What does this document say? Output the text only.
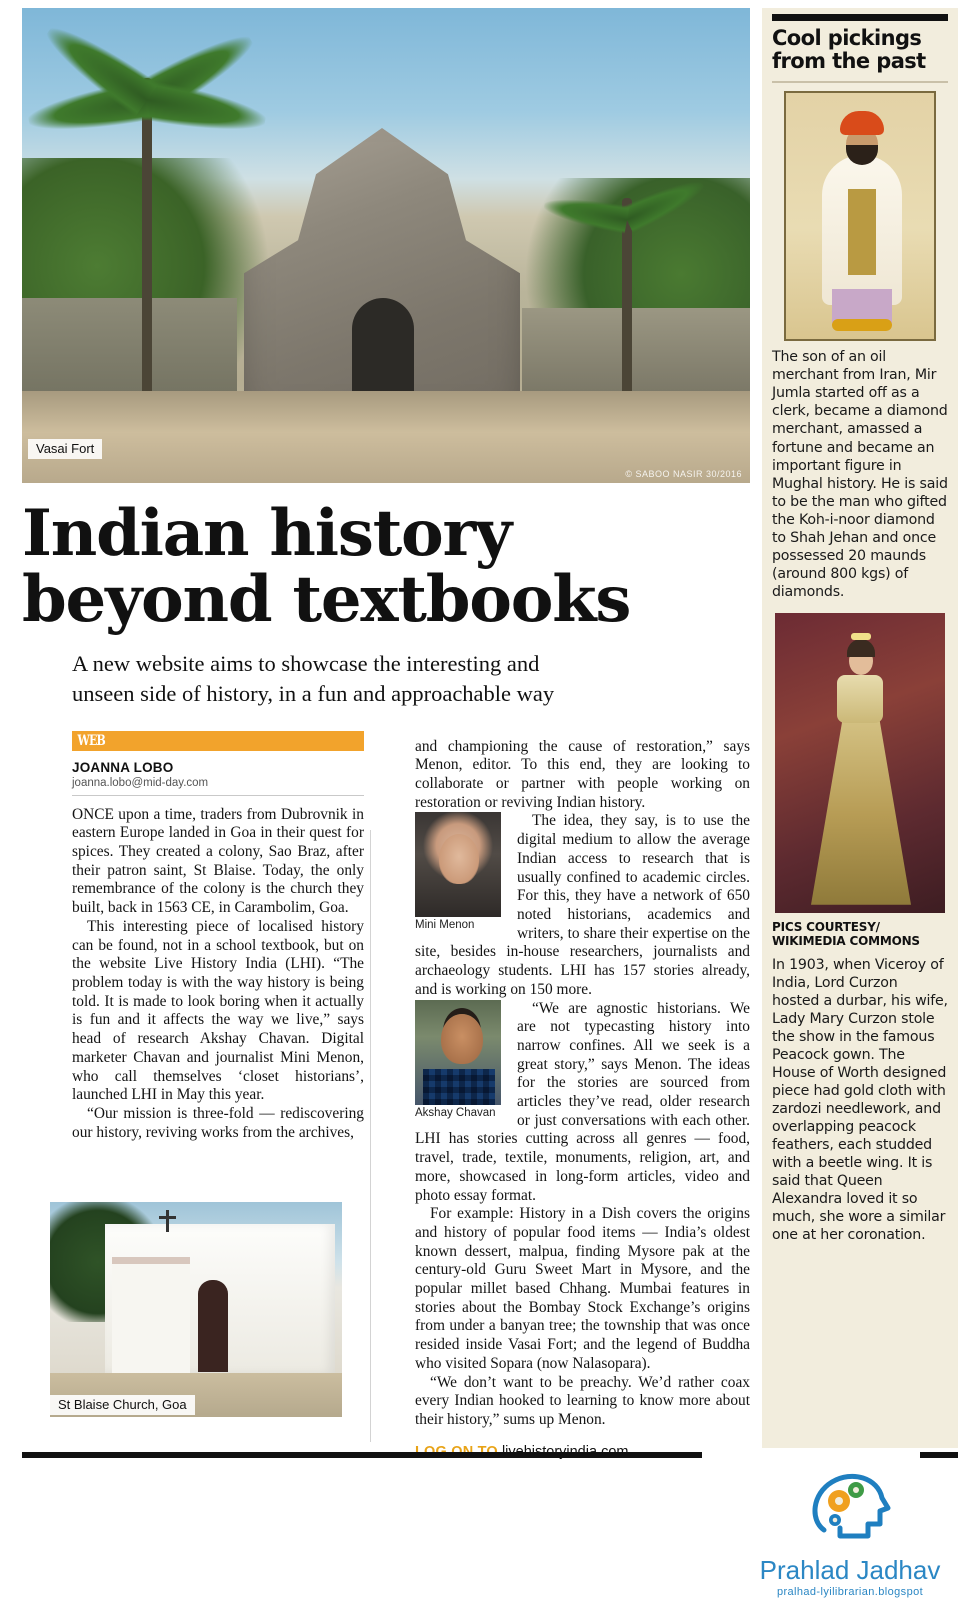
Vasai Fort
© SABOO NASIR 30/2016
Indian history
beyond textbooks
A new website aims to showcase the interesting and
unseen side of history, in a fun and approachable way
WEB
JOANNA LOBO
joanna.lobo@mid-day.com

ONCE upon a time, traders from Dubrovnik in eastern Europe landed in Goa in their quest for spices. They created a colony, Sao Braz, after their patron saint, St Blaise. Today, the only remembrance of the colony is the church they built, back in 1563 CE, in Carambolim, Goa.

This interesting piece of localised history can be found, not in a school textbook, but on the website Live History India (LHI). “The problem today is with the way history is being told. It is made to look boring when it actually is fun and it affects the way we live,” says head of research Akshay Chavan. Digital marketer Chavan and journalist Mini Menon, who call themselves ‘closet historians’, launched LHI in May this year.

“Our mission is three-fold — rediscovering our history, reviving works from the archives,

and championing the cause of restoration,” says Menon, editor. To this end, they are looking to collaborate or partner with people working on restoration or reviving Indian history.

Mini Menon

The idea, they say, is to use the digital medium to allow the average Indian access to research that is usually confined to academic circles. For this, they have a network of 650 noted historians, academics and writers, to share their expertise on the site, besides in-house researchers, journalists and archaeology students. LHI has 157 stories already, and is working on 150 more.

Akshay Chavan

“We are agnostic historians. We are not typecasting history into narrow confines. All we seek is a great story,” says Menon. The ideas for the stories are sourced from articles they’ve read, older research or just conversations with each other. LHI has stories cutting across all genres — food, travel, trade, textile, monuments, religion, art, and more, showcased in long-form articles, video and photo essay format.

For example: History in a Dish covers the origins and history of popular food items — India’s oldest known dessert, malpua, finding Mysore pak at the century-old Guru Sweet Mart in Mysore, and the popular millet based Chhang. Mumbai features in stories about the Bombay Stock Exchange’s origins from under a banyan tree; the township that was once resided inside Vasai Fort; and the legend of Buddha who visited Sopara (now Nalasopara).

“We don’t want to be preachy. We’d rather coax every Indian hooked to learning to know more about their history,” sums up Menon.

St Blaise Church, Goa
Cool pickings
from the past
The son of an oil merchant from Iran, Mir Jumla started off as a clerk, became a diamond merchant, amassed a fortune and became an important figure in Mughal history. He is said to be the man who gifted the Koh-i-noor diamond to Shah Jehan and once possessed 20 maunds (around 800 kgs) of diamonds.
PICS COURTESY/
WIKIMEDIA COMMONS
In 1903, when Viceroy of India, Lord Curzon hosted a durbar, his wife, Lady Mary Curzon stole the show in the famous Peacock gown. The House of Worth designed piece had gold cloth with zardozi needlework, and overlapping peacock feathers, each studded with a beetle wing. It is said that Queen Alexandra loved it so much, she wore a similar one at her coronation.
Prahlad Jadhav
pralhad-lyilibrarian.blogspot
